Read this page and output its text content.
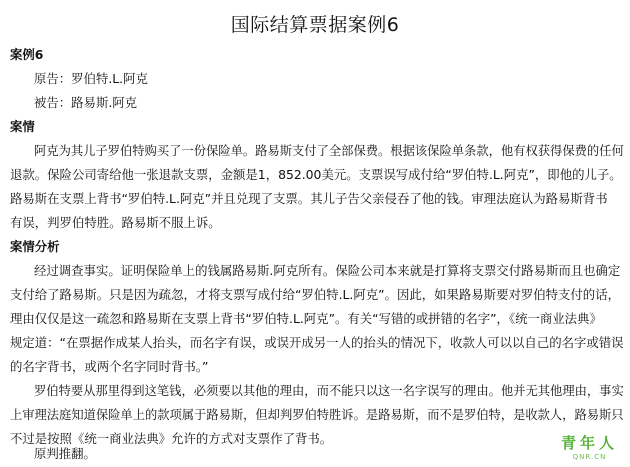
国际结算票据案例6
案例6
原告：罗伯特.L.阿克
被告：路易斯.阿克
案情
阿克为其儿子罗伯特购买了一份保险单。路易斯支付了全部保费。根据该保险单条款，他有权获得保费的任何
退款。保险公司寄给他一张退款支票，金额是1，852.00美元。支票误写成付给“罗伯特.L.阿克”，即他的儿子。
路易斯在支票上背书“罗伯特.L.阿克”并且兑现了支票。其儿子告父亲侵吞了他的钱。审理法庭认为路易斯背书
有误，判罗伯特胜。路易斯不服上诉。
案情分析
经过调查事实。证明保险单上的钱属路易斯.阿克所有。保险公司本来就是打算将支票交付路易斯而且也确定
支付给了路易斯。只是因为疏忽，才将支票写成付给“罗伯特.L.阿克”。因此，如果路易斯要对罗伯特支付的话，
理由仅仅是这一疏忽和路易斯在支票上背书“罗伯特.L.阿克”。有关“写错的或拼错的名字”，《统一商业法典》
规定道：“在票据作成某人抬头，而名字有误，或误开成另一人的抬头的情况下，收款人可以以自己的名字或错误
的名字背书，或两个名字同时背书。”
罗伯特要从那里得到这笔钱，必须要以其他的理由，而不能只以这一名字误写的理由。他并无其他理由，事实
上审理法庭知道保险单上的款项属于路易斯，但却判罗伯特胜诉。是路易斯，而不是罗伯特，是收款人，路易斯只
不过是按照《统一商业法典》允许的方式对支票作了背书。
原判推翻。
青年人
QNR.CN
